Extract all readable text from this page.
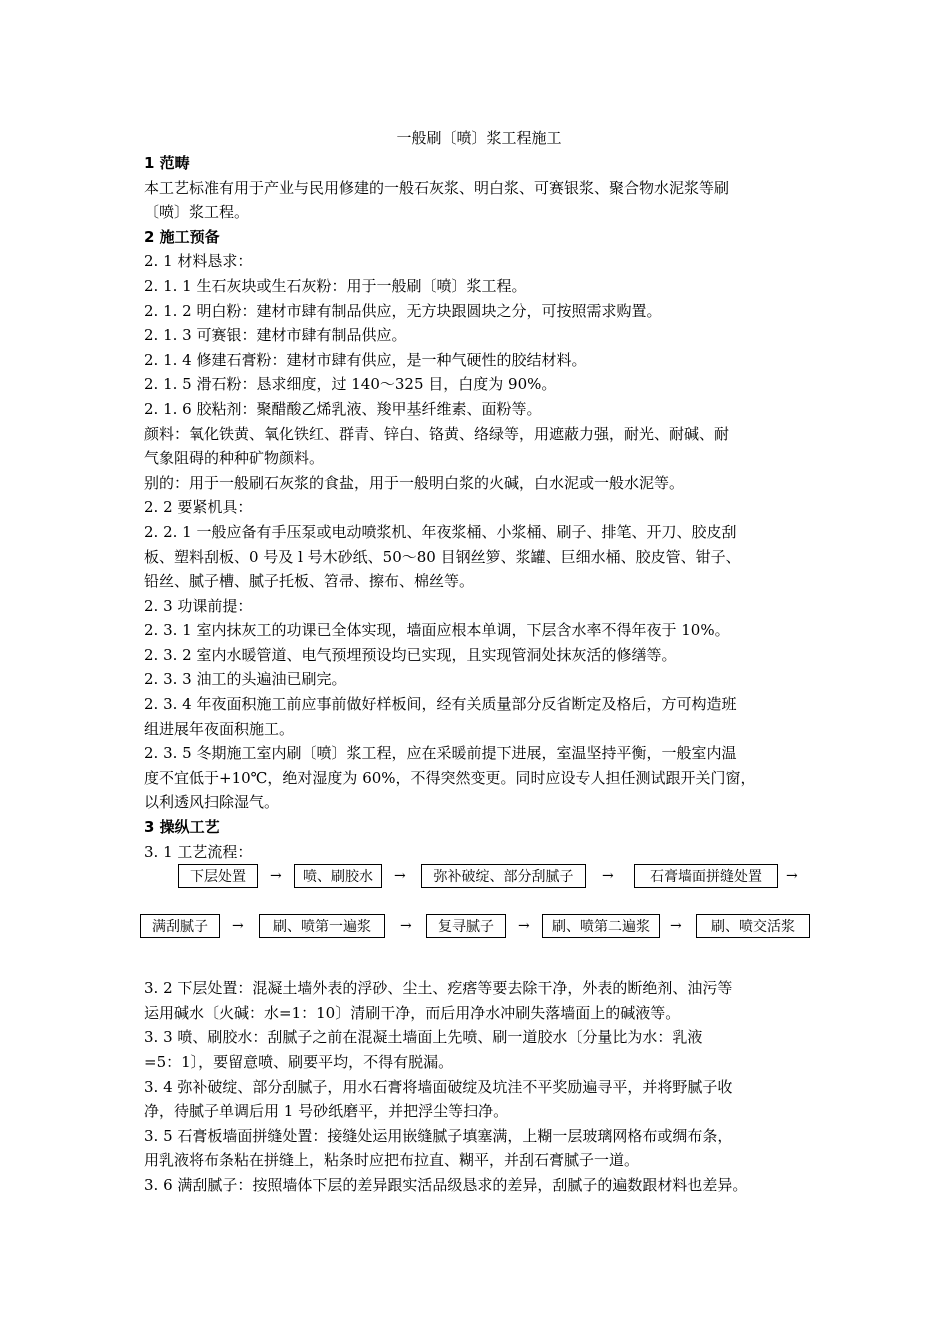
一般刷〔喷〕浆工程施工
1 范畴
本工艺标准有用于产业与民用修建的一般石灰浆、明白浆、可赛银浆、聚合物水泥浆等刷
〔喷〕浆工程。
2 施工预备
2. 1 材料恳求：
2. 1. 1 生石灰块或生石灰粉：用于一般刷〔喷〕浆工程。
2. 1. 2 明白粉：建材市肆有制品供应，无方块跟圆块之分，可按照需求购置。
2. 1. 3 可赛银：建材市肆有制品供应。
2. 1. 4 修建石膏粉：建材市肆有供应，是一种气硬性的胶结材料。
2. 1. 5 滑石粉：恳求细度，过 140～325 目，白度为 90%。
2. 1. 6 胶粘剂：聚醋酸乙烯乳液、羧甲基纤维素、面粉等。
颜料：氧化铁黄、氧化铁红、群青、锌白、铬黄、络绿等，用遮蔽力强，耐光、耐碱、耐
气象阻碍的种种矿物颜料。
别的：用于一般刷石灰浆的食盐，用于一般明白浆的火碱，白水泥或一般水泥等。
2. 2 要紧机具：
2. 2. 1 一般应备有手压泵或电动喷浆机、年夜浆桶、小浆桶、刷子、排笔、开刀、胶皮刮
板、塑料刮板、0 号及 l 号木砂纸、50～80 目钢丝箩、浆罐、巨细水桶、胶皮管、钳子、
铅丝、腻子槽、腻子托板、笤帚、擦布、棉丝等。
2. 3 功课前提：
2. 3. 1 室内抹灰工的功课已全体实现，墙面应根本单调，下层含水率不得年夜于 10%。
2. 3. 2 室内水暖管道、电气预埋预设均已实现，且实现管洞处抹灰活的修缮等。
2. 3. 3 油工的头遍油已刷完。
2. 3. 4 年夜面积施工前应事前做好样板间，经有关质量部分反省断定及格后，方可构造班
组进展年夜面积施工。
2. 3. 5 冬期施工室内刷〔喷〕浆工程，应在采暖前提下进展，室温坚持平衡，一般室内温
度不宜低于+10℃，绝对湿度为 60%，不得突然变更。同时应设专人担任测试跟开关门窗，
以利透风扫除湿气。
3 操纵工艺
3. 1 工艺流程：
下层处置	→	喷、刷胶水	→	弥补破绽、部分刮腻子	→	石膏墙面拼缝处置	→
满刮腻子	→	刷、喷第一遍浆	→	复寻腻子	→	刷、喷第二遍浆	→	刷、喷交活浆
3. 2 下层处置：混凝土墙外表的浮砂、尘土、疙瘩等要去除干净，外表的断绝剂、油污等
运用碱水〔火碱：水=1：10〕清刷干净，而后用净水冲刷失落墙面上的碱液等。
3. 3 喷、刷胶水：刮腻子之前在混凝土墙面上先喷、刷一道胶水〔分量比为水：乳液
=5：1〕，要留意喷、刷要平均，不得有脱漏。
3. 4 弥补破绽、部分刮腻子，用水石膏将墙面破绽及坑洼不平奖励遍寻平，并将野腻子收
净，待腻子单调后用 1 号砂纸磨平，并把浮尘等扫净。
3. 5 石膏板墙面拼缝处置：接缝处运用嵌缝腻子填塞满，上糊一层玻璃网格布或绸布条，
用乳液将布条粘在拼缝上，粘条时应把布拉直、糊平，并刮石膏腻子一道。
3. 6 满刮腻子：按照墙体下层的差异跟实活品级恳求的差异，刮腻子的遍数跟材料也差异。
